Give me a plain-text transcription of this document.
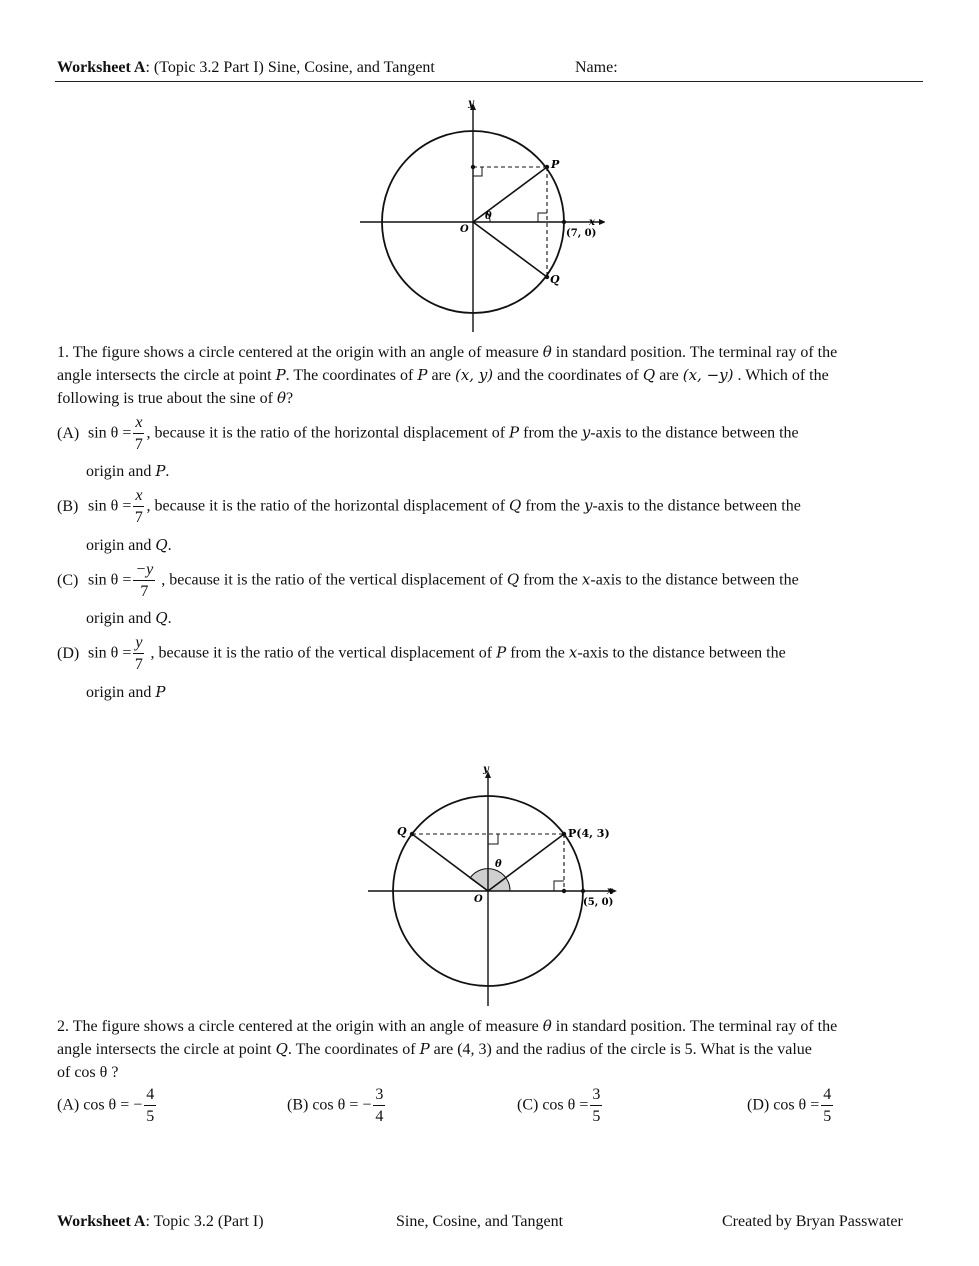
Worksheet A: (Topic 3.2 Part I) Sine, Cosine, and Tangent	Name:
y
x
O
P
Q
θ
(7, 0)
1. The figure shows a circle centered at the origin with an angle of measure θ in standard position. The terminal ray of the
angle intersects the circle at point P. The coordinates of P are (x, y) and the coordinates of Q are (x, −y) . Which of the
following is true about the sine of θ?
(A) $\sin \theta = \frac{x}{7}$ , because it is the ratio of the horizontal displacement of P from the y-axis to the distance between the
origin and P.
(B) $\sin \theta = \frac{x}{7}$ , because it is the ratio of the horizontal displacement of Q from the y-axis to the distance between the
origin and Q.
(C) $\sin \theta = \frac{-y}{7}$ , because it is the ratio of the vertical displacement of Q from the x-axis to the distance between the
origin and Q.
(D) $\sin \theta = \frac{y}{7}$ , because it is the ratio of the vertical displacement of P from the x-axis to the distance between the
origin and P
y
x
O
P(4, 3)
Q
θ
(5, 0)
2. The figure shows a circle centered at the origin with an angle of measure θ in standard position. The terminal ray of the
angle intersects the circle at point Q. The coordinates of P are (4, 3) and the radius of the circle is 5. What is the value
of cos θ ?
(A) cos θ = − $\frac{4}{5}$	(B) cos θ = − $\frac{3}{4}$	(C) $\cos \theta = \frac{3}{5}$	(D) $\cos \theta = \frac{4}{5}$
Worksheet A: Topic 3.2 (Part I)	Sine, Cosine, and Tangent	Created by Bryan Passwater
